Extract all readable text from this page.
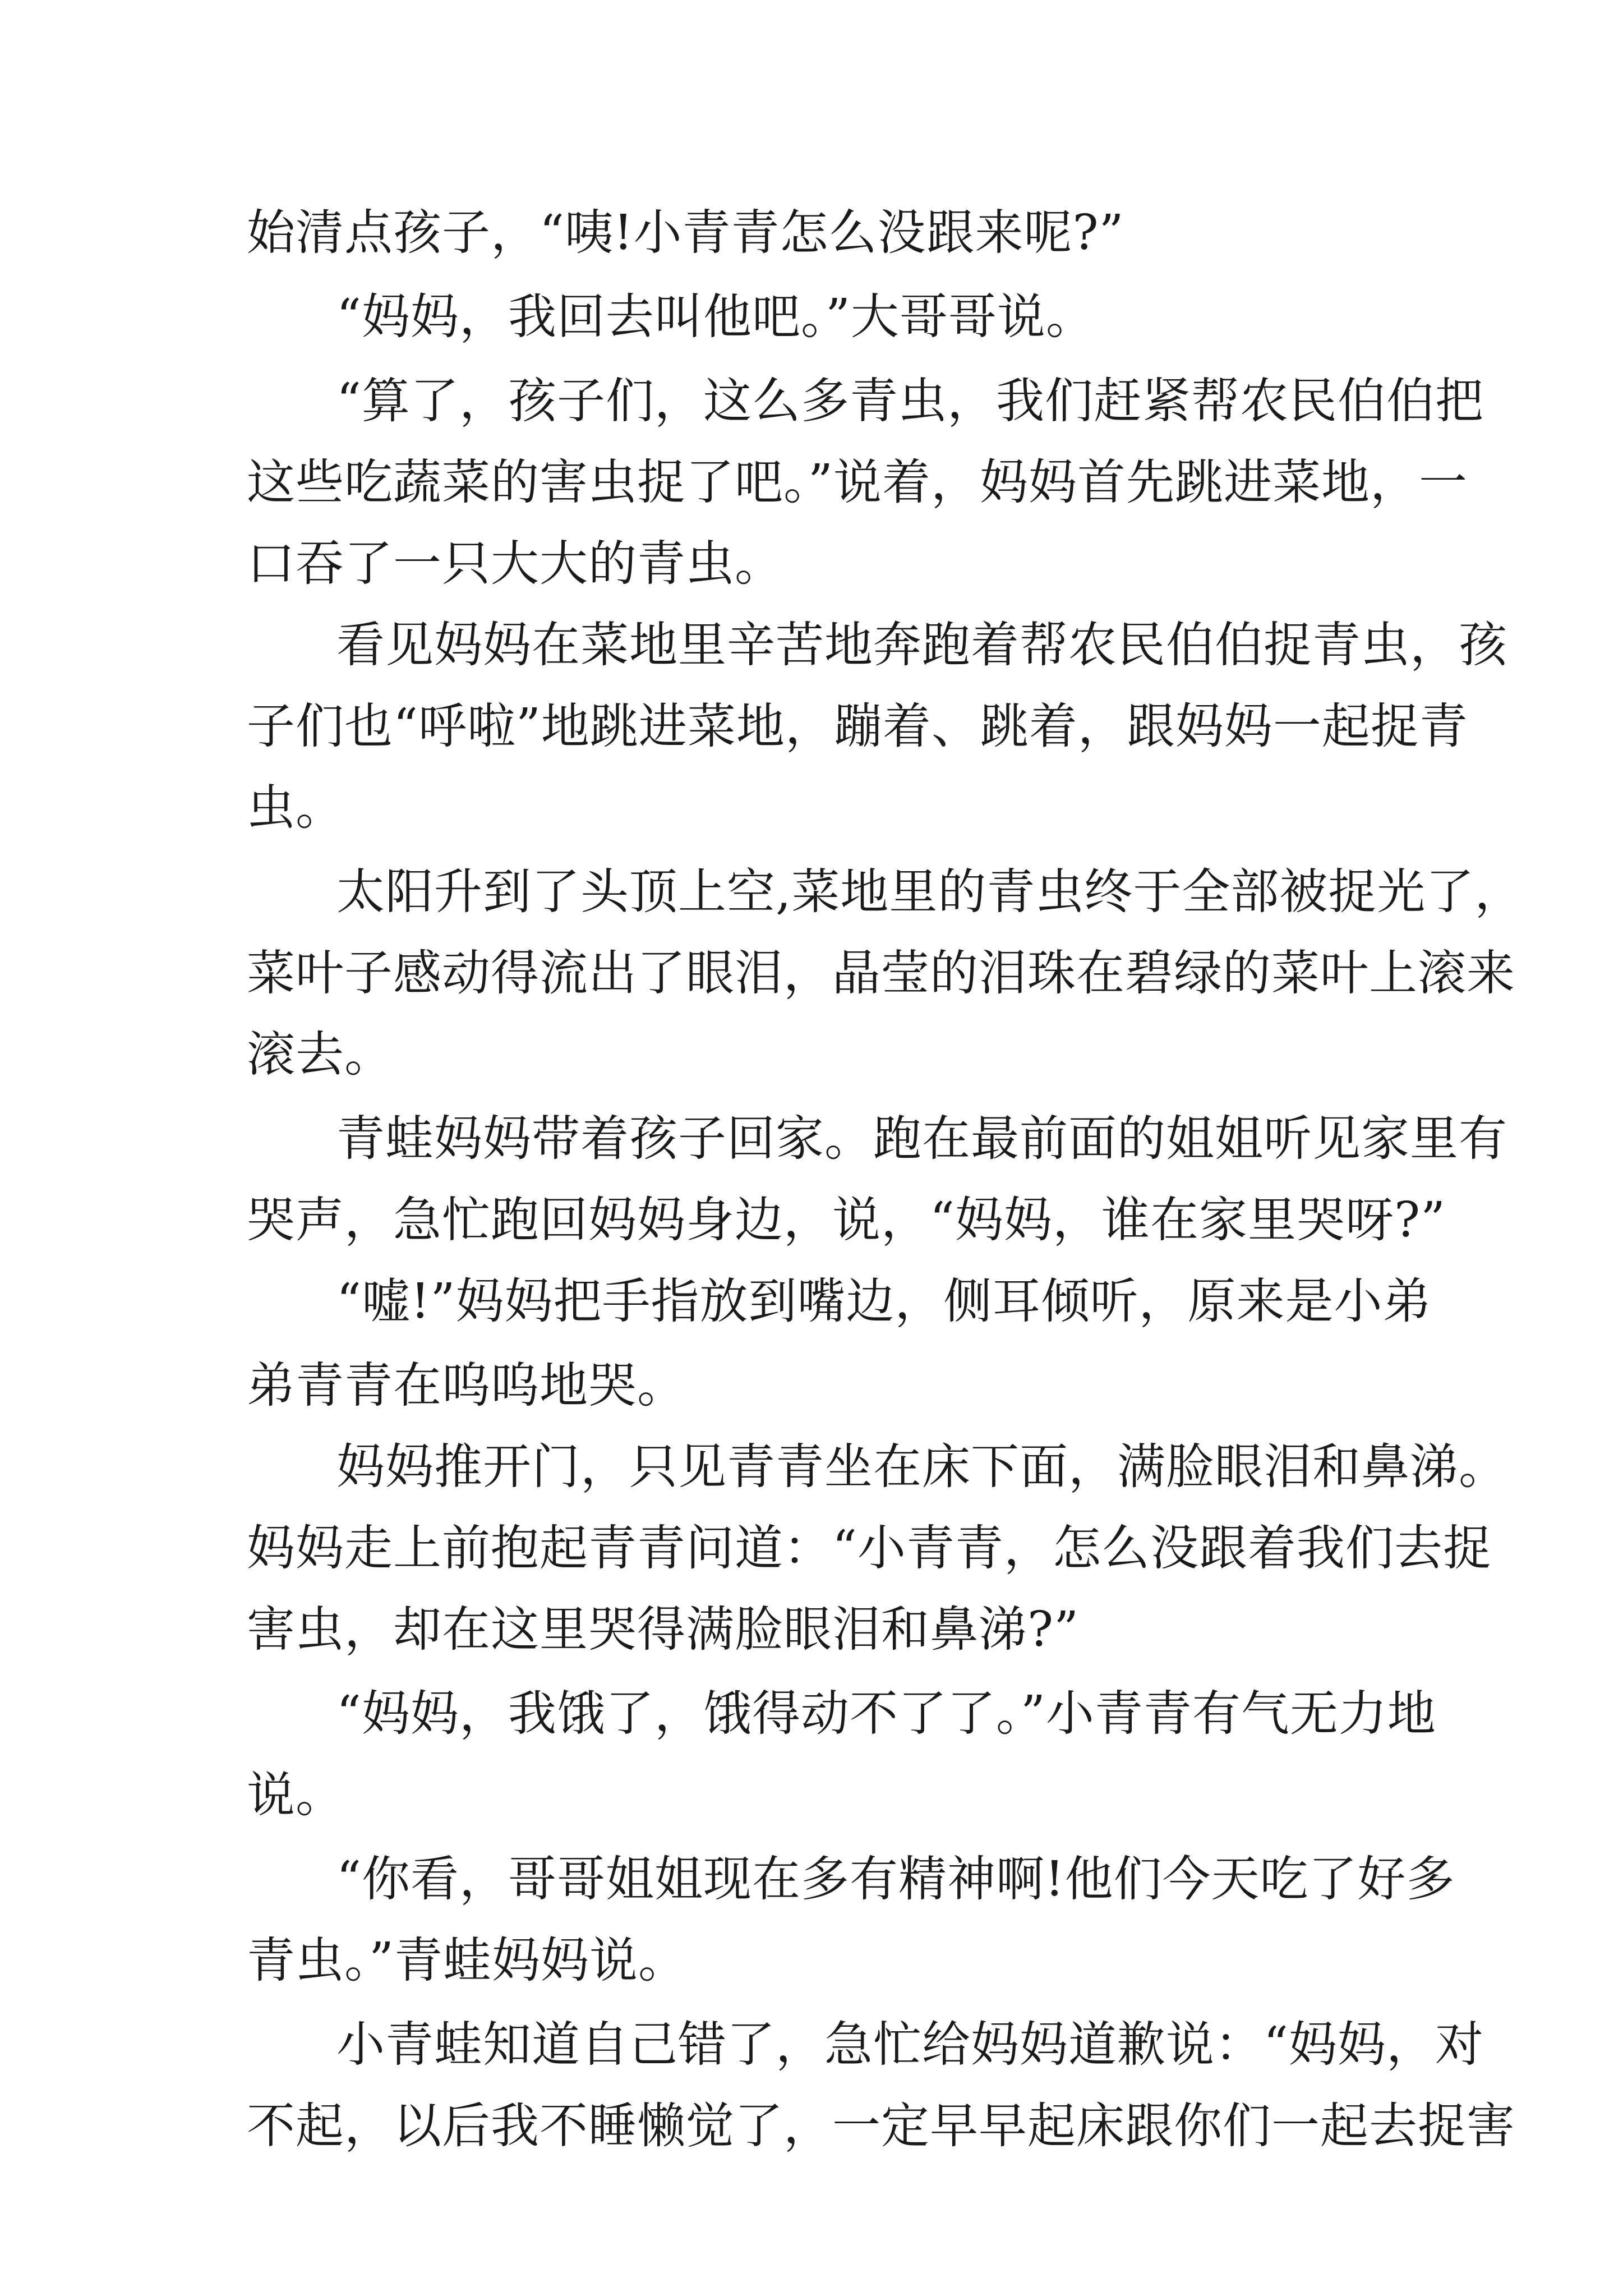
始清点孩子，“咦!小青青怎么没跟来呢?”
“妈妈，我回去叫他吧。”大哥哥说。
“算了，孩子们，这么多青虫，我们赶紧帮农民伯伯把
这些吃蔬菜的害虫捉了吧。”说着，妈妈首先跳进菜地，一
口吞了一只大大的青虫。
看见妈妈在菜地里辛苦地奔跑着帮农民伯伯捉青虫，孩
子们也“呼啦”地跳进菜地，蹦着、跳着，跟妈妈一起捉青
虫。
太阳升到了头顶上空,菜地里的青虫终于全部被捉光了，
菜叶子感动得流出了眼泪，晶莹的泪珠在碧绿的菜叶上滚来
滚去。
青蛙妈妈带着孩子回家。跑在最前面的姐姐听见家里有
哭声，急忙跑回妈妈身边，说，“妈妈，谁在家里哭呀?”
“嘘!”妈妈把手指放到嘴边，侧耳倾听，原来是小弟
弟青青在呜呜地哭。
妈妈推开门，只见青青坐在床下面，满脸眼泪和鼻涕。
妈妈走上前抱起青青问道：“小青青，怎么没跟着我们去捉
害虫，却在这里哭得满脸眼泪和鼻涕?”
“妈妈，我饿了，饿得动不了了。”小青青有气无力地
说。
“你看，哥哥姐姐现在多有精神啊!他们今天吃了好多
青虫。”青蛙妈妈说。
小青蛙知道自己错了，急忙给妈妈道歉说：“妈妈，对
不起，以后我不睡懒觉了，一定早早起床跟你们一起去捉害
